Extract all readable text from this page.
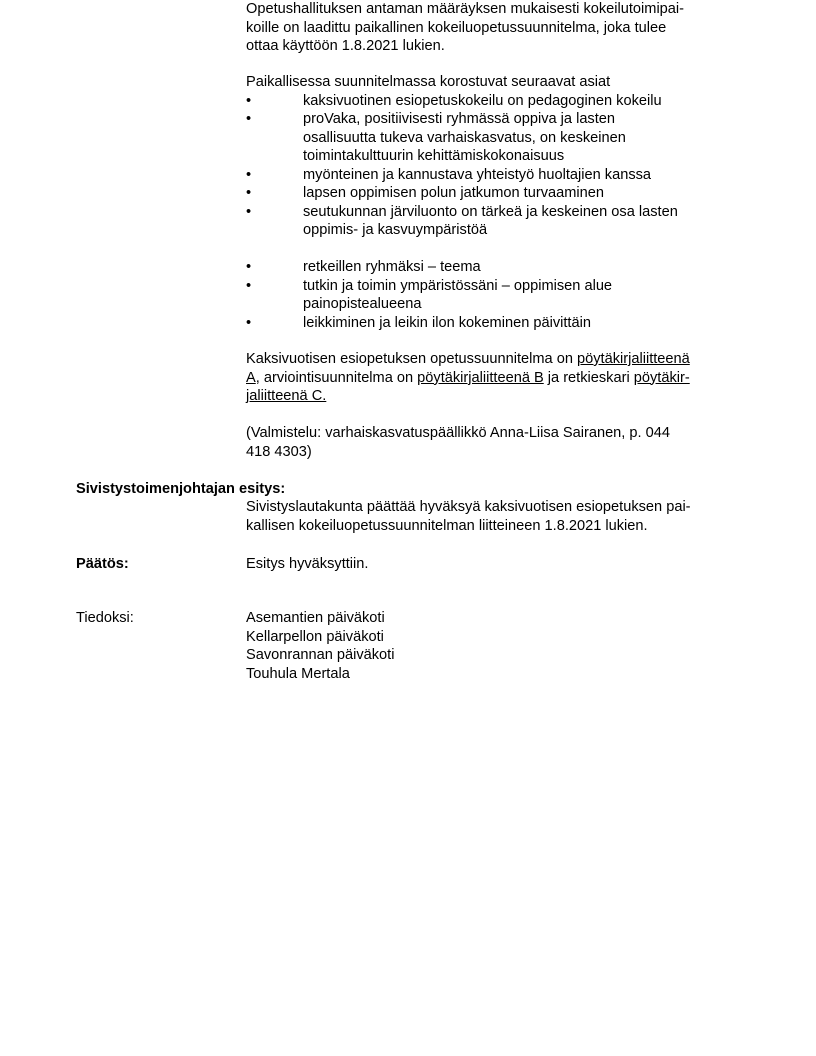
Opetushallituksen antaman määräyksen mukaisesti kokeilutoimipai-
koille on laadittu paikallinen kokeiluopetussuunnitelma, joka tulee
ottaa käyttöön 1.8.2021 lukien.
Paikallisessa suunnitelmassa korostuvat seuraavat asiat
•	kaksivuotinen esiopetuskokeilu on pedagoginen kokeilu
•	proVaka, positiivisesti ryhmässä oppiva ja lasten
osallisuutta tukeva varhaiskasvatus, on keskeinen
toimintakulttuurin kehittämiskokonaisuus
•	myönteinen ja kannustava yhteistyö huoltajien kanssa
•	lapsen oppimisen polun jatkumon turvaaminen
•	seutukunnan järviluonto on tärkeä ja keskeinen osa lasten
oppimis- ja kasvuympäristöä
•	retkeillen ryhmäksi – teema
•	tutkin ja toimin ympäristössäni – oppimisen alue
painopistealueena
•	leikkiminen ja leikin ilon kokeminen päivittäin
Kaksivuotisen esiopetuksen opetussuunnitelma on pöytäkirjaliitteenä
A, arviointisuunnitelma on pöytäkirjaliitteenä B ja retkieskari pöytäkir-
jaliitteenä C.
(Valmistelu: varhaiskasvatuspäällikkö Anna-Liisa Sairanen, p. 044
418 4303)
Sivistystoimenjohtajan esitys:
Sivistyslautakunta päättää hyväksyä kaksivuotisen esiopetuksen pai-
kallisen kokeiluopetussuunnitelman liitteineen 1.8.2021 lukien.
Päätös:	Esitys hyväksyttiin.
Tiedoksi:	Asemantien päiväkoti
Kellarpellon päiväkoti
Savonrannan päiväkoti
Touhula Mertala
